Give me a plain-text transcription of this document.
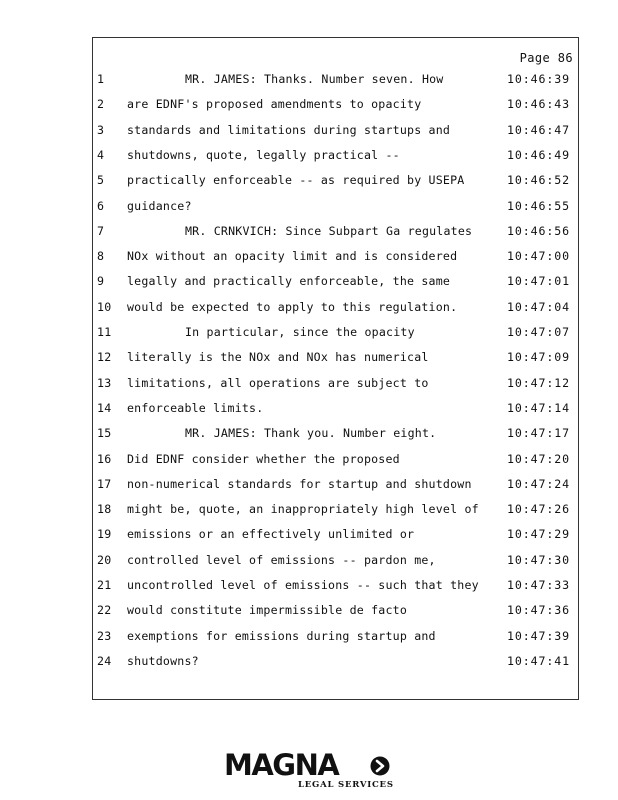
Page 86
1	MR. JAMES: Thanks. Number seven. How	10:46:39
2	are EDNF's proposed amendments to opacity	10:46:43
3	standards and limitations during startups and	10:46:47
4	shutdowns, quote, legally practical --	10:46:49
5	practically enforceable -- as required by USEPA	10:46:52
6	guidance?	10:46:55
7	MR. CRNKVICH: Since Subpart Ga regulates	10:46:56
8	NOx without an opacity limit and is considered	10:47:00
9	legally and practically enforceable, the same	10:47:01
10	would be expected to apply to this regulation.	10:47:04
11	In particular, since the opacity	10:47:07
12	literally is the NOx and NOx has numerical	10:47:09
13	limitations, all operations are subject to	10:47:12
14	enforceable limits.	10:47:14
15	MR. JAMES: Thank you. Number eight.	10:47:17
16	Did EDNF consider whether the proposed	10:47:20
17	non-numerical standards for startup and shutdown	10:47:24
18	might be, quote, an inappropriately high level of 10:47:26
19	emissions or an effectively unlimited or	10:47:29
20	controlled level of emissions -- pardon me,	10:47:30
21	uncontrolled level of emissions -- such that they 10:47:33
22	would constitute impermissible de facto	10:47:36
23	exemptions for emissions during startup and	10:47:39
24	shutdowns?	10:47:41
MAGNA
LEGAL SERVICES
